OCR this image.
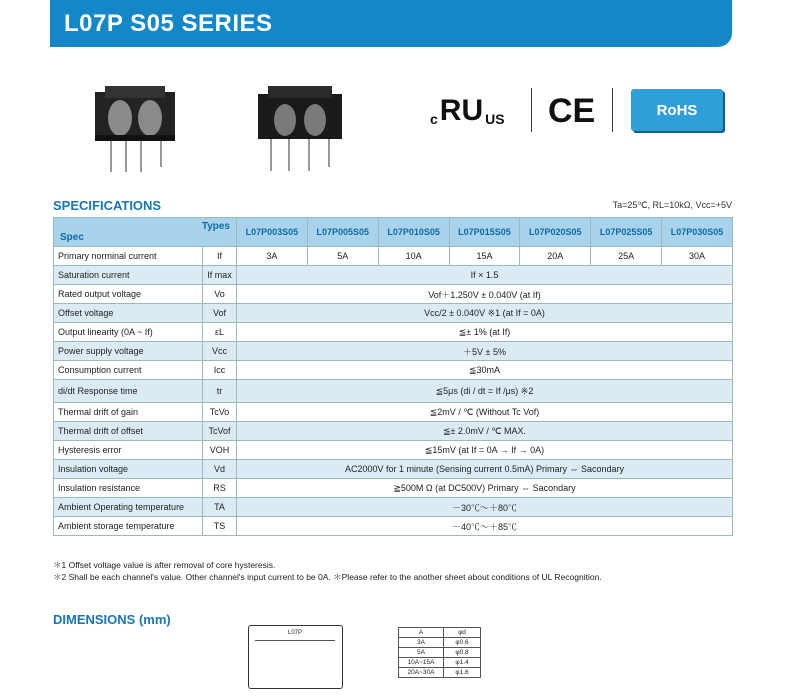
L07P S05 SERIES
c RU US CE	RoHS
SPECIFICATIONS	Ta=25℃, RL=10kΩ, Vcc=+5V
Types
Spec		L07P003S05	L07P005S05	L07P010S05	L07P015S05	L07P020S05	L07P025S05	L07P030S05
Primary norminal current	If	3A	5A	10A	15A	20A	25A	30A
Saturation current	If max	If × 1.5						
Rated output voltage	Vo	Vof＋1.250V ± 0.040V (at If)						
Offset voltage	Vof	Vcc/2 ± 0.040V ※1 (at If = 0A)						
Output linearity (0A ~ If)	εL	≦± 1% (at If)						
Power supply voltage	Vcc	＋5V ± 5%						
Consumption current	Icc	≦30mA						
di/dt Response time	tr	≦5μs (di / dt = If /μs) ※2						
Thermal drift of gain	TcVo	≦2mV / ℃ (Without Tc Vof)						
Thermal drift of offset	TcVof	≦± 2.0mV / ℃ MAX.						
Hysteresis error	VOH	≦15mV (at If = 0A → If → 0A)						
Insulation voltage	Vd	AC2000V for 1 minute (Sensing current 0.5mA) Primary ⇔ Sacondary						
Insulation resistance	RS	≧500M Ω (at DC500V) Primary ⇔ Sacondary						
Ambient Operating temperature	TA	－30℃～＋80℃						
Ambient storage temperature	TS	－40℃～＋85℃						
＊1 Offset voltage value is after removal of core hysteresis.
＊2 Shall be each channel's value. Other channel's input current to be 0A. ＊Please refer to the another sheet about conditions of UL Recognition.
DIMENSIONS (mm)
L07P	A	φd
3A	φ0.6
5A	φ0.8
10A~15A	φ1.4
20A~30A	φ1.6
